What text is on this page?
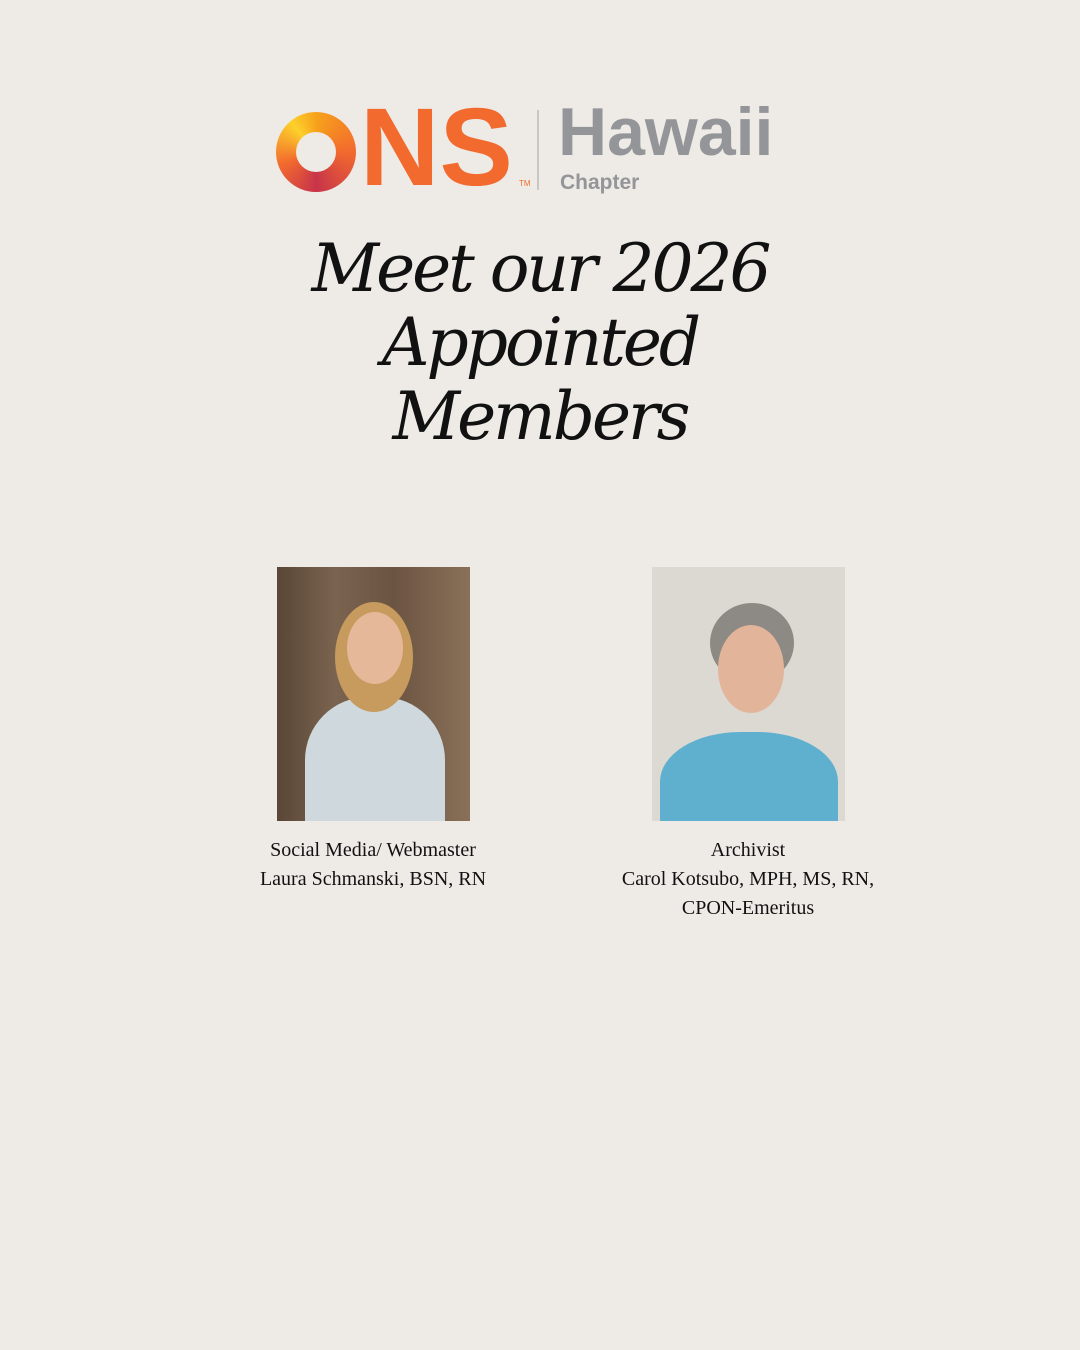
NS TM
Hawaii
Chapter
Meet our 2026
Appointed
Members
Social Media/ Webmaster
Laura Schmanski, BSN, RN
Archivist
Carol Kotsubo, MPH, MS, RN,
CPON-Emeritus
